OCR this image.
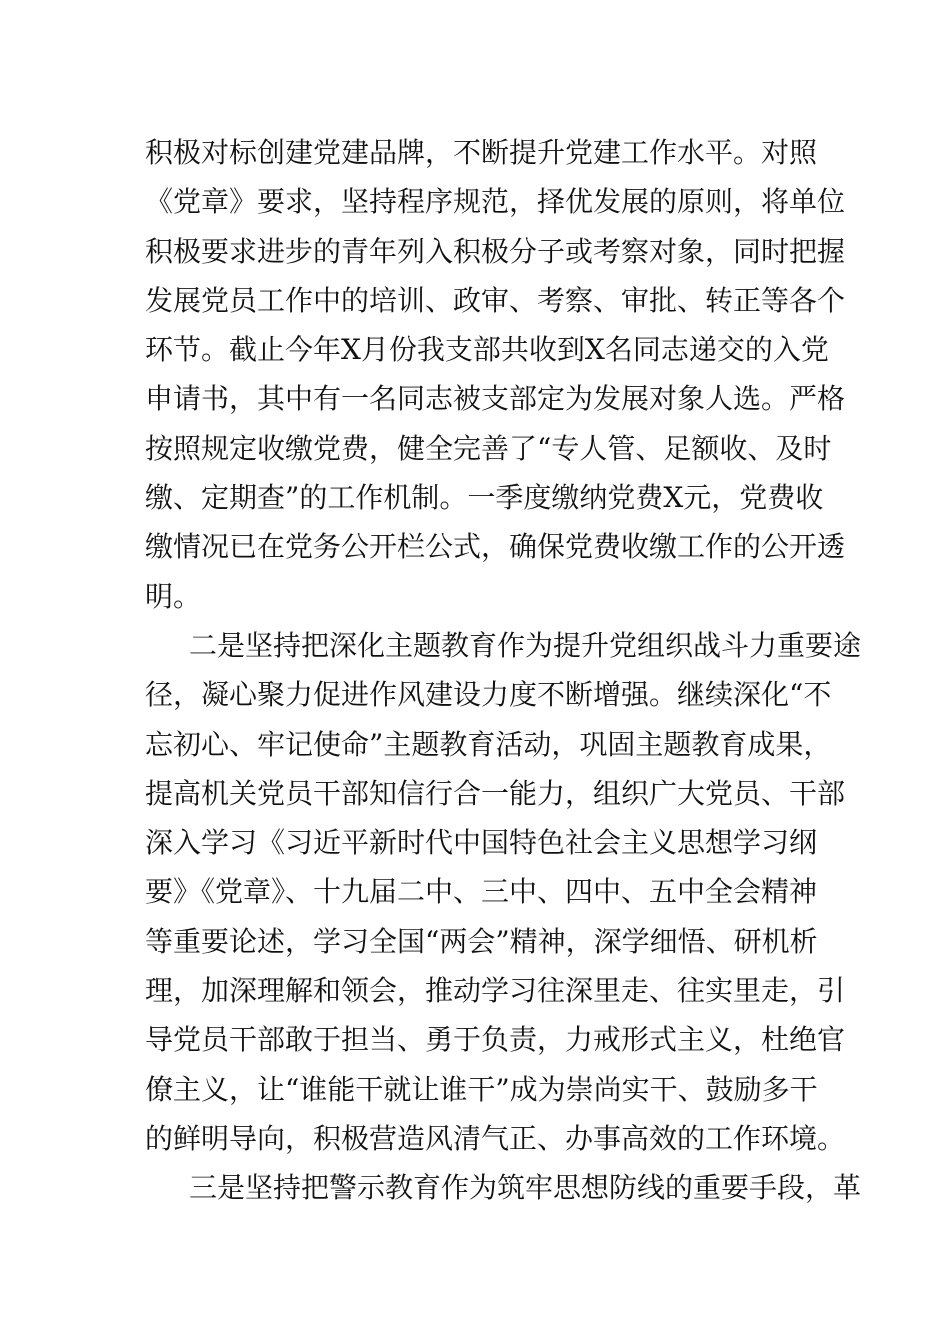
积极对标创建党建品牌，不断提升党建工作水平。对照
《党章》要求，坚持程序规范，择优发展的原则，将单位
积极要求进步的青年列入积极分子或考察对象，同时把握
发展党员工作中的培训、政审、考察、审批、转正等各个
环节。截止今年X月份我支部共收到X名同志递交的入党
申请书，其中有一名同志被支部定为发展对象人选。严格
按照规定收缴党费，健全完善了“专人管、足额收、及时
缴、定期查”的工作机制。一季度缴纳党费X元，党费收
缴情况已在党务公开栏公式，确保党费收缴工作的公开透
明。
二是坚持把深化主题教育作为提升党组织战斗力重要途
径，凝心聚力促进作风建设力度不断增强。继续深化“不
忘初心、牢记使命”主题教育活动，巩固主题教育成果，
提高机关党员干部知信行合一能力，组织广大党员、干部
深入学习《习近平新时代中国特色社会主义思想学习纲
要》《党章》、十九届二中、三中、四中、五中全会精神
等重要论述，学习全国“两会”精神，深学细悟、研机析
理，加深理解和领会，推动学习往深里走、往实里走，引
导党员干部敢于担当、勇于负责，力戒形式主义，杜绝官
僚主义，让“谁能干就让谁干”成为崇尚实干、鼓励多干
的鲜明导向，积极营造风清气正、办事高效的工作环境。
三是坚持把警示教育作为筑牢思想防线的重要手段，革
